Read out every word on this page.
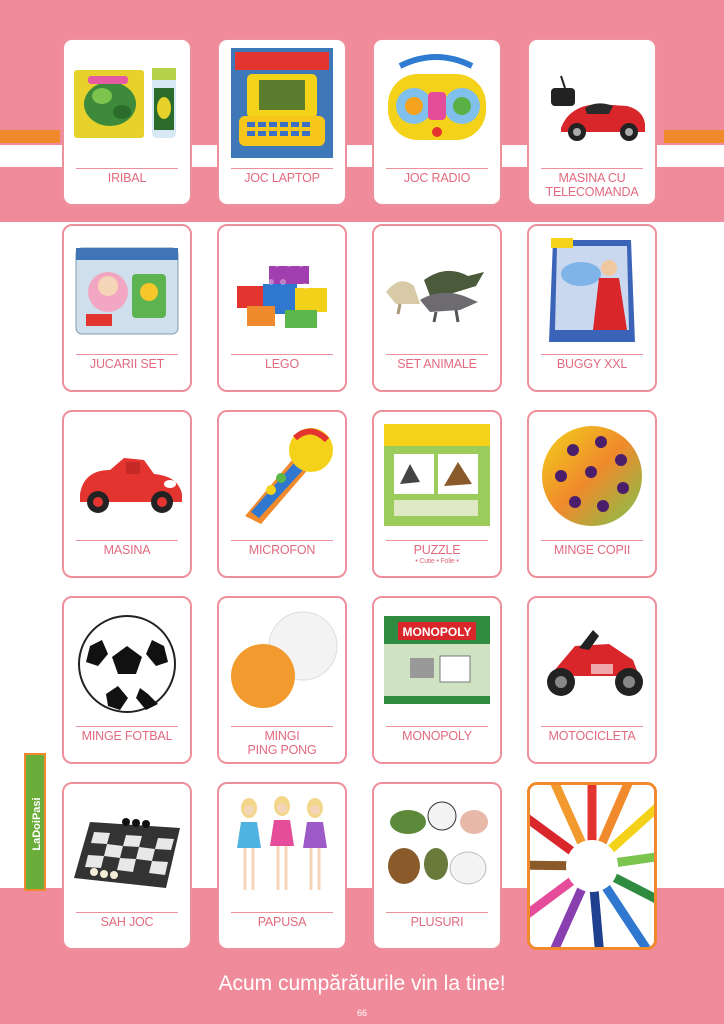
IRIBAL	JOC LAPTOP	JOC RADIO	MASINA CU
TELECOMANDA
JUCARII SET	LEGO	SET ANIMALE	BUGGY XXL
MASINA	MICROFON	PUZZLE
• Cutie • Folie •
MINGE COPII
MINGE FOTBAL	MINGI
PING PONG
MONOPOLY
MONOPOLY	MOTOCICLETA
SAH JOC	PAPUSA	PLUSURI
LaDoiPasi
Acum cumpărăturile vin la tine!
66
